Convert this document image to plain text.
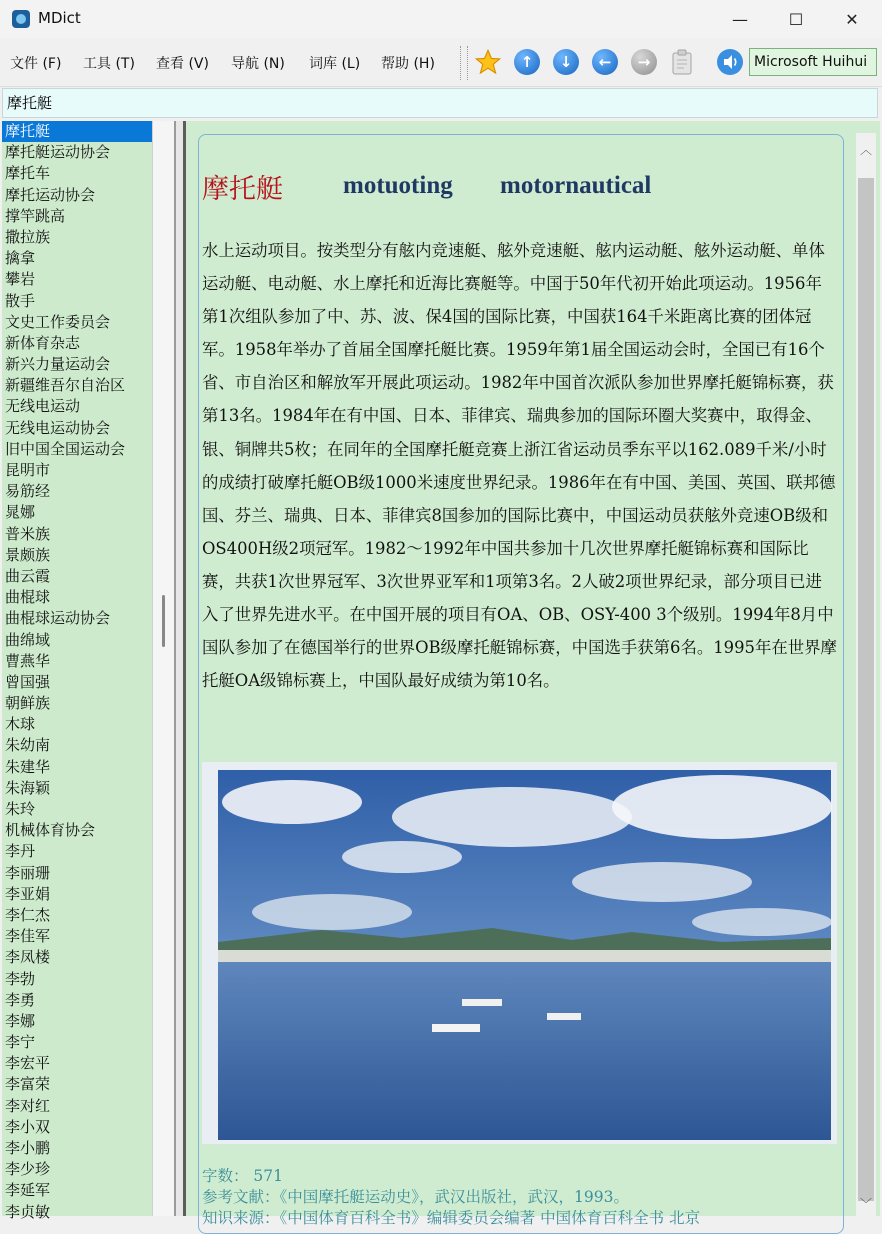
MDict	—	☐	✕
文件 (F) 工具 (T) 查看 (V) 导航 (N) 词库 (L) 帮助 (H)	↑	↓	←	→	Microsoft Huihui
摩托艇
摩托艇
摩托艇运动协会
摩托车
摩托运动协会
撑竿跳高
撒拉族
擒拿
攀岩
散手
文史工作委员会
新体育杂志
新兴力量运动会
新疆维吾尔自治区
无线电运动
无线电运动协会
旧中国全国运动会
昆明市
易筋经
晁娜
普米族
景颇族
曲云霞
曲棍球
曲棍球运动协会
曲绵域
曹燕华
曾国强
朝鲜族
木球
朱幼南
朱建华
朱海颖
朱玲
机械体育协会
李丹
李丽珊
李亚娟
李仁杰
李佳军
李凤楼
李勃
李勇
李娜
李宁
李宏平
李富荣
李对红
李小双
李小鹏
李少珍
李延军
李贞敏
摩托艇 motuoting motornautical
水上运动项目。按类型分有舷内竞速艇、舷外竞速艇、舷内运动艇、舷外运动艇、单体运动艇、电动艇、水上摩托和近海比赛艇等。中国于50年代初开始此项运动。1956年第1次组队参加了中、苏、波、保4国的国际比赛，中国获164千米距离比赛的团体冠军。1958年举办了首届全国摩托艇比赛。1959年第1届全国运动会时，全国已有16个省、市自治区和解放军开展此项运动。1982年中国首次派队参加世界摩托艇锦标赛，获第13名。1984年在有中国、日本、菲律宾、瑞典参加的国际环圈大奖赛中，取得金、银、铜牌共5枚；在同年的全国摩托艇竞赛上浙江省运动员季东平以162.089千米/小时的成绩打破摩托艇OB级1000米速度世界纪录。1986年在有中国、美国、英国、联邦德国、芬兰、瑞典、日本、菲律宾8国参加的国际比赛中，中国运动员获舷外竞速OB级和OS400H级2项冠军。1982～1992年中国共参加十几次世界摩托艇锦标赛和国际比赛，共获1次世界冠军、3次世界亚军和1项第3名。2人破2项世界纪录，部分项目已进入了世界先进水平。在中国开展的项目有OA、OB、OSY-400 3个级别。1994年8月中国队参加了在德国举行的世界OB级摩托艇锦标赛，中国选手获第6名。1995年在世界摩托艇OA级锦标赛上，中国队最好成绩为第10名。
字数： 571
参考文献：《中国摩托艇运动史》，武汉出版社，武汉，1993。
知识来源：《中国体育百科全书》编辑委员会编著 中国体育百科全书 北京
︿
﹀
